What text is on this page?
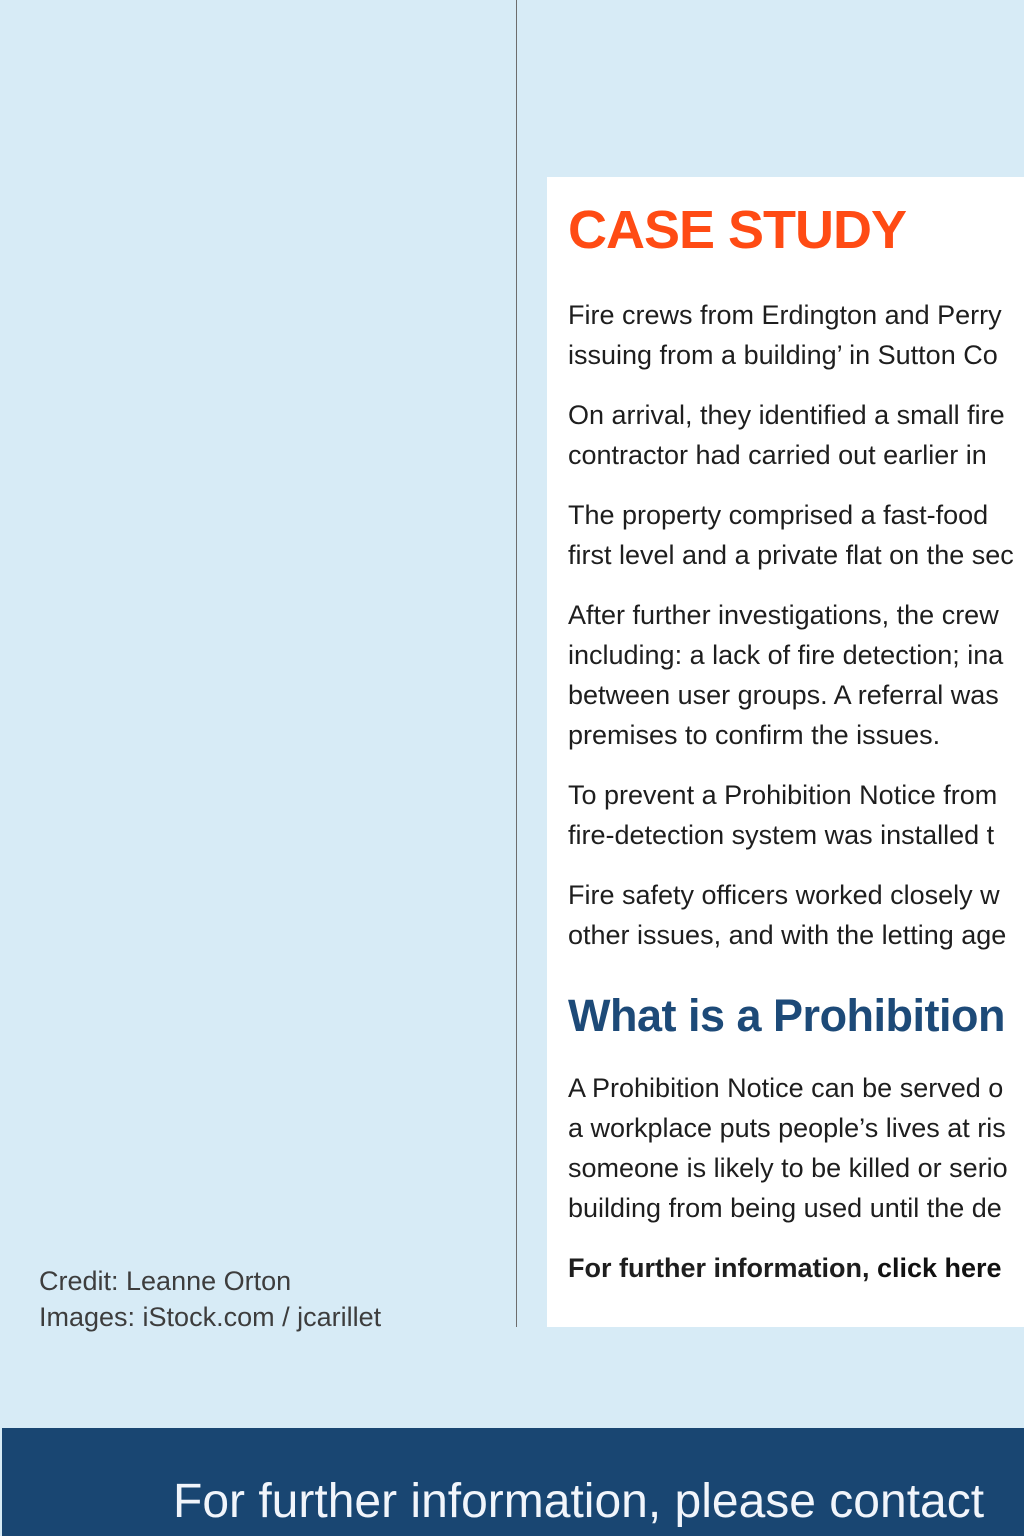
Credit: Leanne Orton
Images: iStock.com / jcarillet
CASE STUDY
Fire crews from Erdington and Perry
issuing from a building’ in Sutton Co
On arrival, they identified a small fire
contractor had carried out earlier in
The property comprised a fast-food
first level and a private flat on the sec
After further investigations, the crew
including: a lack of fire detection; ina
between user groups. A referral was
premises to confirm the issues.
To prevent a Prohibition Notice from
fire-detection system was installed t
Fire safety officers worked closely w
other issues, and with the letting age
What is a Prohibition
A Prohibition Notice can be served o
a workplace puts people’s lives at ris
someone is likely to be killed or serio
building from being used until the de
For further information, click here
For further information, please contact
